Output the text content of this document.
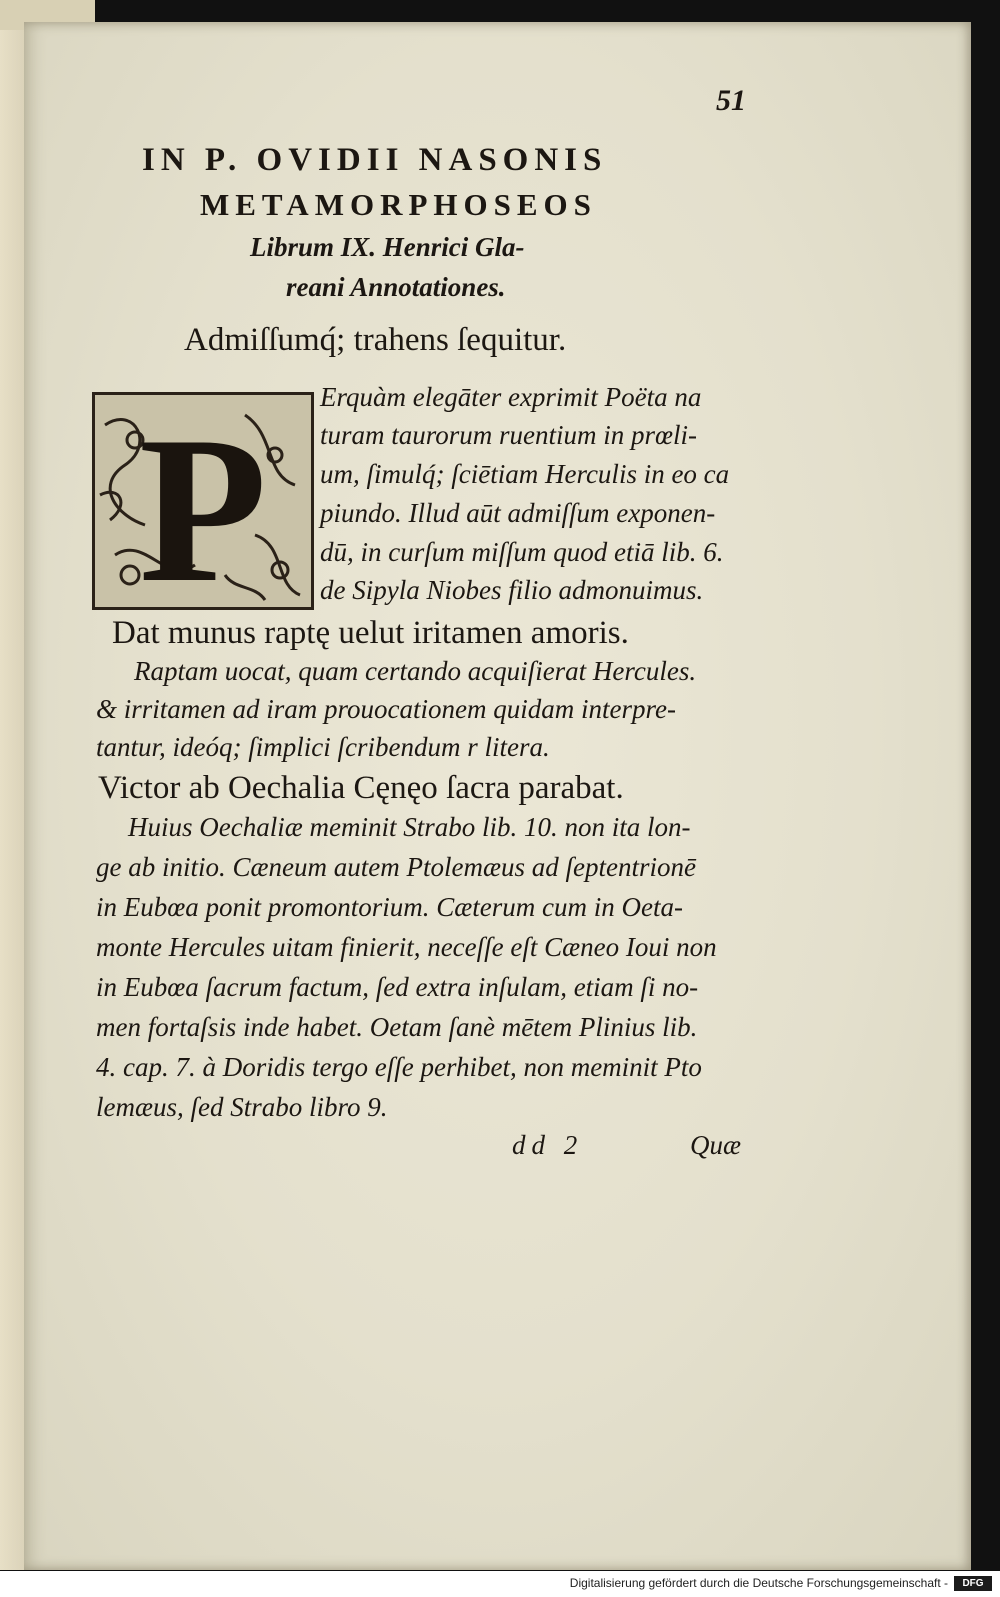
51
IN P. OVIDII NASONIS
METAMORPHOSEOS
Librum IX. Henrici Gla-
reani Annotationes.
Admiſſumq́; trahens ſequitur.
P Erquàm elegāter exprimit Poëta na
turam taurorum ruentium in prœli-
um, ſimulq́; ſciētiam Herculis in eo ca
piundo. Illud aūt admiſſum exponen-
dū, in curſum miſſum quod etiā lib. 6.
de Sipyla Niobes filio admonuimus.
Dat munus raptę uelut iritamen amoris.
Raptam uocat, quam certando acquiſierat Hercules.
& irritamen ad iram prouocationem quidam interpre-
tantur, ideóq; ſimplici ſcribendum r litera.
Victor ab Oechalia Cęnęo ſacra parabat.
Huius Oechaliæ meminit Strabo lib. 10. non ita lon-
ge ab initio. Cæneum autem Ptolemæus ad ſeptentrionē
in Eubœa ponit promontorium. Cæterum cum in Oeta-
monte Hercules uitam finierit, neceſſe eſt Cæneo Ioui non
in Eubœa ſacrum factum, ſed extra inſulam, etiam ſi no-
men fortaſsis inde habet. Oetam ſanè mētem Plinius lib.
4. cap. 7. à Doridis tergo eſſe perhibet, non meminit Pto
lemæus, ſed Strabo libro 9.
dd 2	Quæ
Digitalisierung gefördert durch die Deutsche Forschungsgemeinschaft -	DFG
